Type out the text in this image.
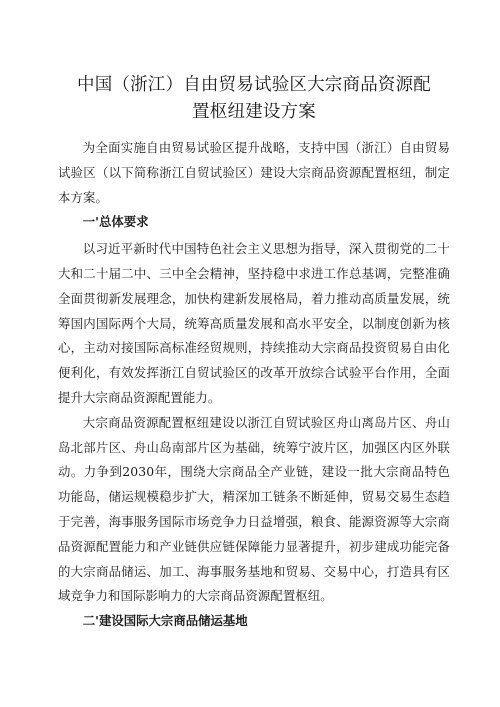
中国（浙江）自由贸易试验区大宗商品资源配
置枢纽建设方案

为全面实施自由贸易试验区提升战略，支持中国（浙江）自由贸易试验区（以下简称浙江自贸试验区）建设大宗商品资源配置枢纽，制定本方案。

一'总体要求

以习近平新时代中国特色社会主义思想为指导，深入贯彻党的二十大和二十届二中、三中全会精神，坚持稳中求进工作总基调，完整准确全面贯彻新发展理念，加快构建新发展格局，着力推动高质量发展，统筹国内国际两个大局，统筹高质量发展和高水平安全，以制度创新为核心，主动对接国际高标准经贸规则，持续推动大宗商品投资贸易自由化便利化，有效发挥浙江自贸试验区的改革开放综合试验平台作用，全面提升大宗商品资源配置能力。

大宗商品资源配置枢纽建设以浙江自贸试验区舟山离岛片区、舟山岛北部片区、舟山岛南部片区为基础，统筹宁波片区，加强区内区外联动。力争到2030年，围绕大宗商品全产业链，建设一批大宗商品特色功能岛，储运规模稳步扩大，精深加工链条不断延伸，贸易交易生态趋于完善，海事服务国际市场竞争力日益增强，粮食、能源资源等大宗商品资源配置能力和产业链供应链保障能力显著提升，初步建成功能完备的大宗商品储运、加工、海事服务基地和贸易、交易中心，打造具有区域竞争力和国际影响力的大宗商品资源配置枢纽。

二'建设国际大宗商品储运基地
